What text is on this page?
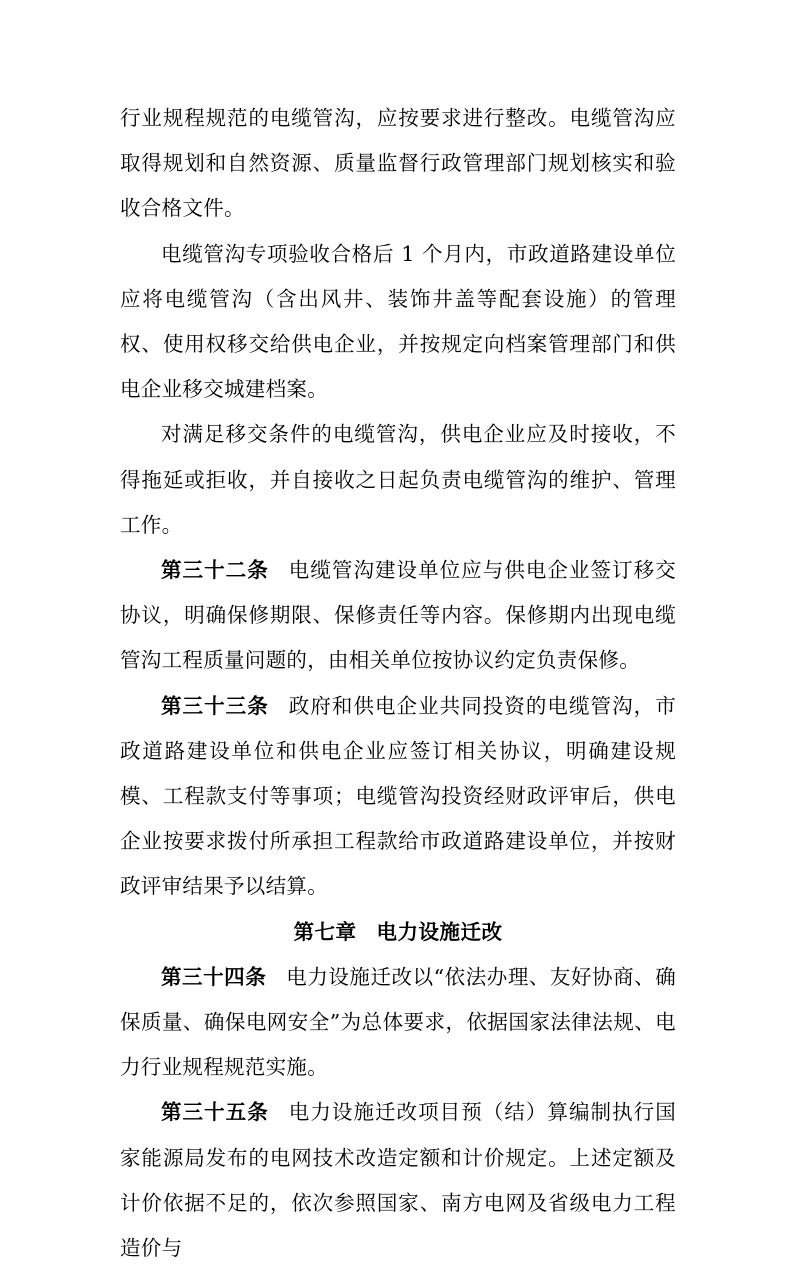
行业规程规范的电缆管沟，应按要求进行整改。电缆管沟应取得规划和自然资源、质量监督行政管理部门规划核实和验收合格文件。

电缆管沟专项验收合格后 1 个月内，市政道路建设单位应将电缆管沟（含出风井、装饰井盖等配套设施）的管理权、使用权移交给供电企业，并按规定向档案管理部门和供电企业移交城建档案。

对满足移交条件的电缆管沟，供电企业应及时接收，不得拖延或拒收，并自接收之日起负责电缆管沟的维护、管理工作。

第三十二条 电缆管沟建设单位应与供电企业签订移交协议，明确保修期限、保修责任等内容。保修期内出现电缆管沟工程质量问题的，由相关单位按协议约定负责保修。

第三十三条 政府和供电企业共同投资的电缆管沟，市政道路建设单位和供电企业应签订相关协议，明确建设规模、工程款支付等事项；电缆管沟投资经财政评审后，供电企业按要求拨付所承担工程款给市政道路建设单位，并按财政评审结果予以结算。

第七章 电力设施迁改

第三十四条 电力设施迁改以“依法办理、友好协商、确保质量、确保电网安全”为总体要求，依据国家法律法规、电力行业规程规范实施。

第三十五条 电力设施迁改项目预（结）算编制执行国家能源局发布的电网技术改造定额和计价规定。上述定额及计价依据不足的，依次参照国家、南方电网及省级电力工程造价与
